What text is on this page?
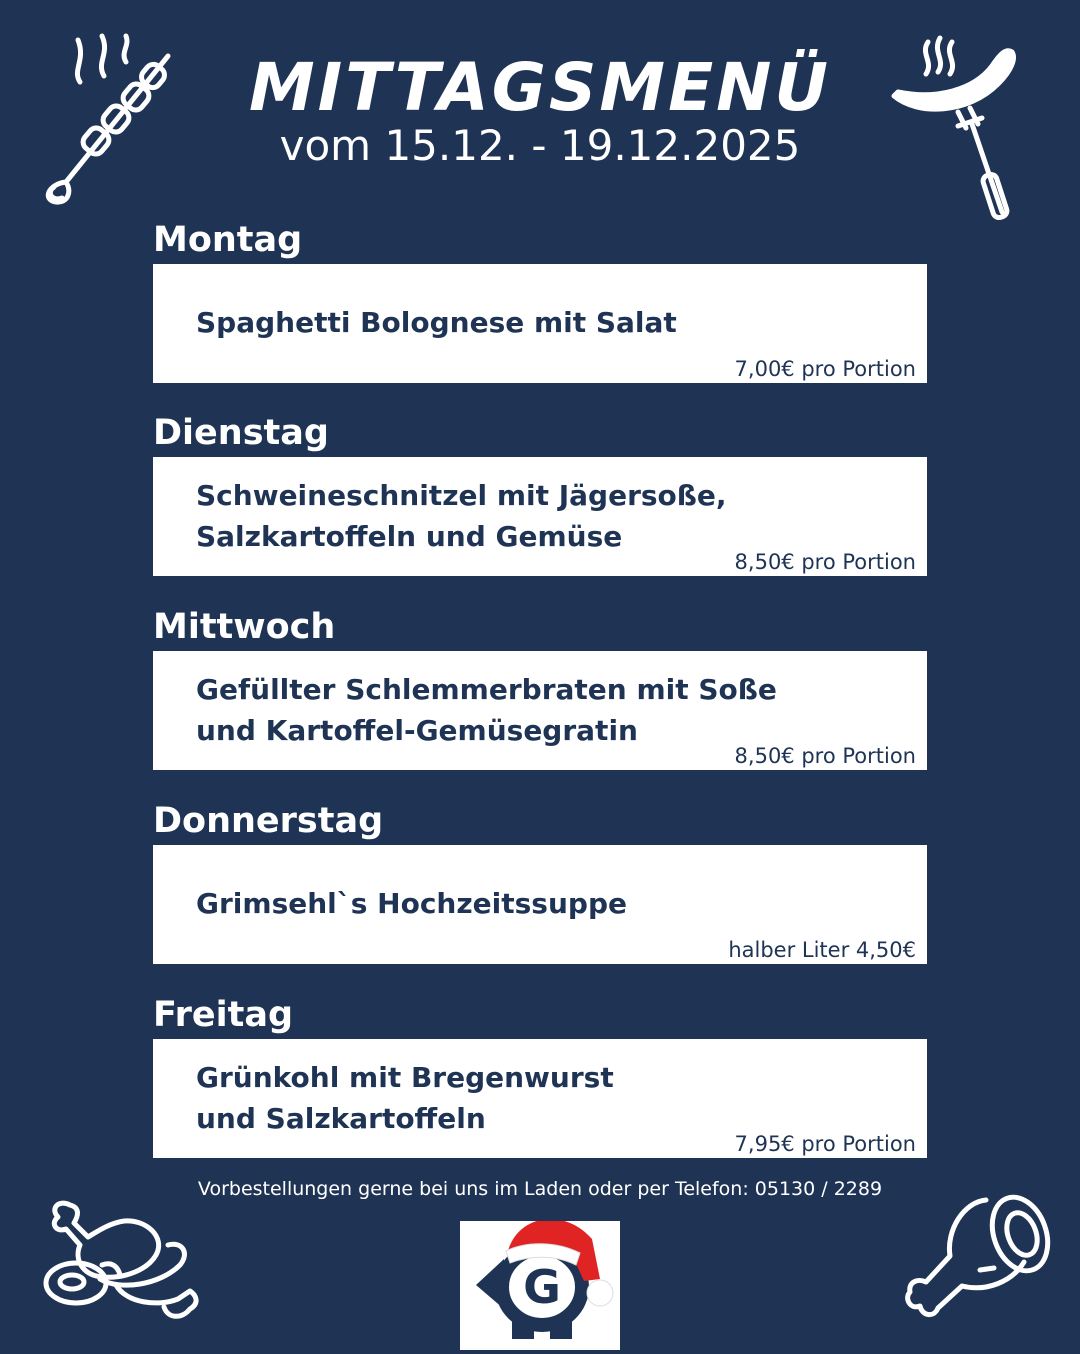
MITTAGSMENÜ
vom 15.12. - 19.12.2025
Montag
Spaghetti Bolognese mit Salat
7,00€ pro Portion
Dienstag
Schweineschnitzel mit Jägersoße,
Salzkartoffeln und Gemüse
8,50€ pro Portion
Mittwoch
Gefüllter Schlemmerbraten mit Soße
und Kartoffel-Gemüsegratin
8,50€ pro Portion
Donnerstag
Grimsehl`s Hochzeitssuppe
halber Liter 4,50€
Freitag
Grünkohl mit Bregenwurst
und Salzkartoffeln
7,95€ pro Portion
Vorbestellungen gerne bei uns im Laden oder per Telefon: 05130 / 2289
G
